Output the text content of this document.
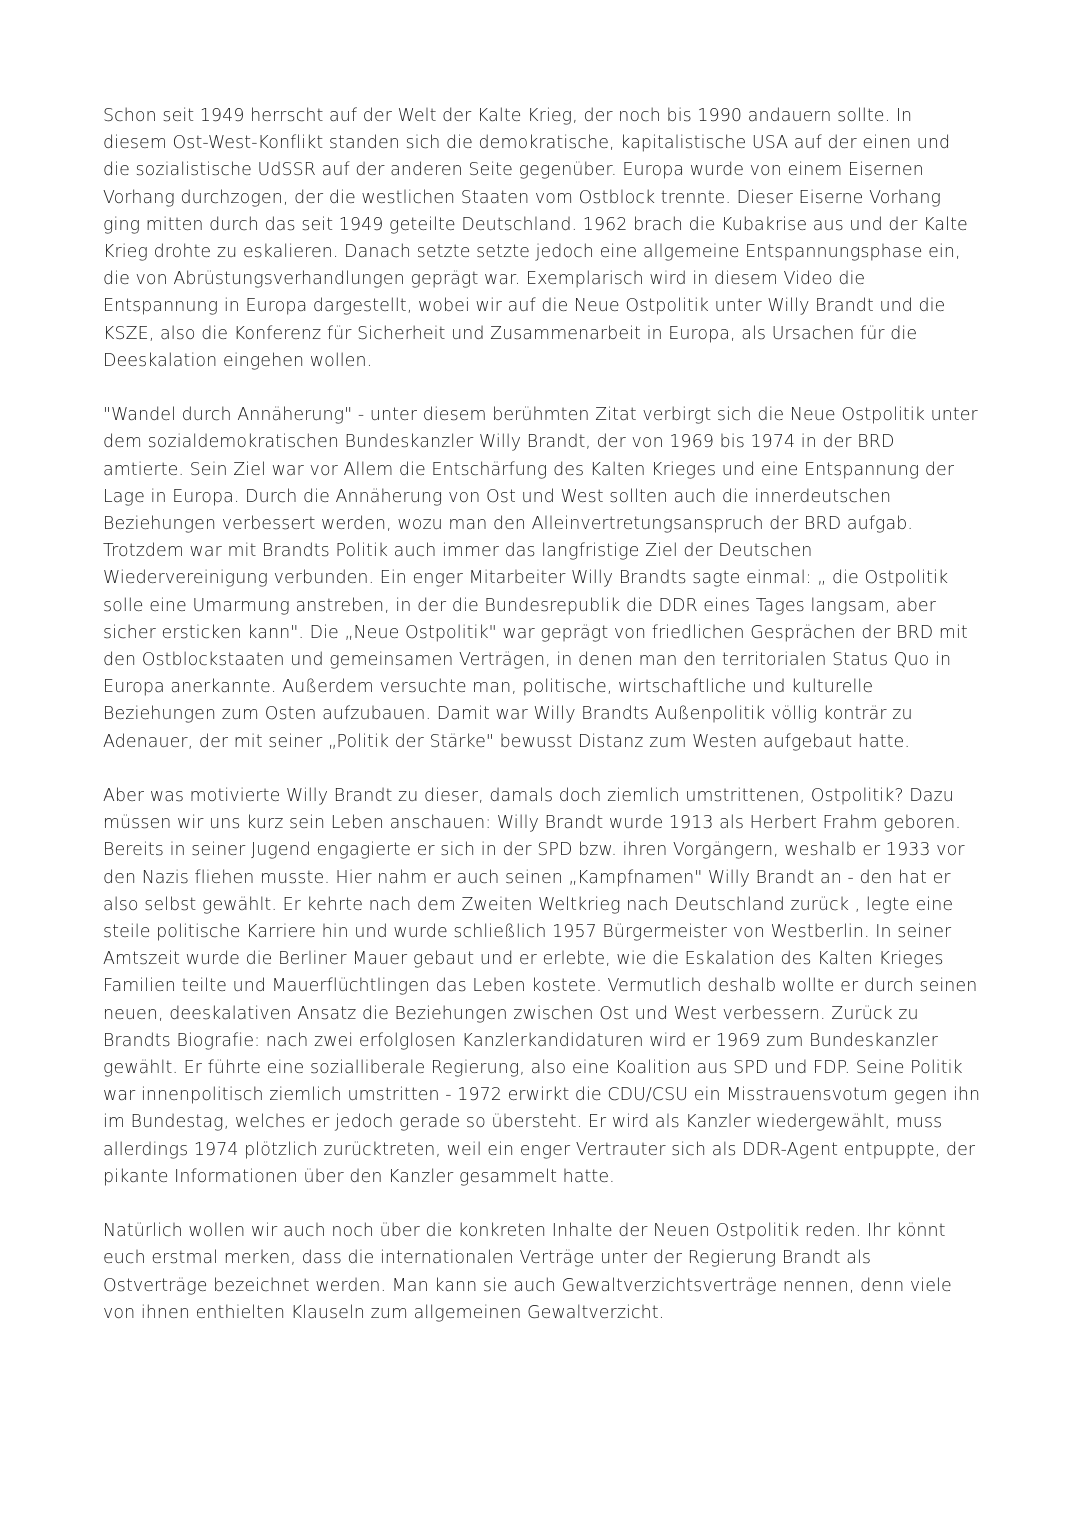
Schon seit 1949 herrscht auf der Welt der Kalte Krieg, der noch bis 1990 andauern sollte. In diesem Ost-West-Konflikt standen sich die demokratische, kapitalistische USA auf der einen und die sozialistische UdSSR auf der anderen Seite gegenüber. Europa wurde von einem Eisernen Vorhang durchzogen, der die westlichen Staaten vom Ostblock trennte. Dieser Eiserne Vorhang ging mitten durch das seit 1949 geteilte Deutschland. 1962 brach die Kubakrise aus und der Kalte Krieg drohte zu eskalieren. Danach setzte setzte jedoch eine allgemeine Entspannungsphase ein, die von Abrüstungsverhandlungen geprägt war. Exemplarisch wird in diesem Video die Entspannung in Europa dargestellt, wobei wir auf die Neue Ostpolitik unter Willy Brandt und die KSZE, also die Konferenz für Sicherheit und Zusammenarbeit in Europa, als Ursachen für die Deeskalation eingehen wollen.

"Wandel durch Annäherung" - unter diesem berühmten Zitat verbirgt sich die Neue Ostpolitik unter dem sozialdemokratischen Bundeskanzler Willy Brandt, der von 1969 bis 1974 in der BRD amtierte. Sein Ziel war vor Allem die Entschärfung des Kalten Krieges und eine Entspannung der Lage in Europa. Durch die Annäherung von Ost und West sollten auch die innerdeutschen Beziehungen verbessert werden, wozu man den Alleinvertretungsanspruch der BRD aufgab. Trotzdem war mit Brandts Politik auch immer das langfristige Ziel der Deutschen Wiedervereinigung verbunden. Ein enger Mitarbeiter Willy Brandts sagte einmal: „ die Ostpolitik solle eine Umarmung anstreben, in der die Bundesrepublik die DDR eines Tages langsam, aber sicher ersticken kann". Die „Neue Ostpolitik" war geprägt von friedlichen Gesprächen der BRD mit den Ostblockstaaten und gemeinsamen Verträgen, in denen man den territorialen Status Quo in Europa anerkannte. Außerdem versuchte man, politische, wirtschaftliche und kulturelle Beziehungen zum Osten aufzubauen. Damit war Willy Brandts Außenpolitik völlig konträr zu Adenauer, der mit seiner „Politik der Stärke" bewusst Distanz zum Westen aufgebaut hatte.

Aber was motivierte Willy Brandt zu dieser, damals doch ziemlich umstrittenen, Ostpolitik? Dazu müssen wir uns kurz sein Leben anschauen: Willy Brandt wurde 1913 als Herbert Frahm geboren. Bereits in seiner Jugend engagierte er sich in der SPD bzw. ihren Vorgängern, weshalb er 1933 vor den Nazis fliehen musste. Hier nahm er auch seinen „Kampfnamen" Willy Brandt an - den hat er also selbst gewählt. Er kehrte nach dem Zweiten Weltkrieg nach Deutschland zurück , legte eine steile politische Karriere hin und wurde schließlich 1957 Bürgermeister von Westberlin. In seiner Amtszeit wurde die Berliner Mauer gebaut und er erlebte, wie die Eskalation des Kalten Krieges Familien teilte und Mauerflüchtlingen das Leben kostete. Vermutlich deshalb wollte er durch seinen neuen, deeskalativen Ansatz die Beziehungen zwischen Ost und West verbessern. Zurück zu Brandts Biografie: nach zwei erfolglosen Kanzlerkandidaturen wird er 1969 zum Bundeskanzler gewählt. Er führte eine sozialliberale Regierung, also eine Koalition aus SPD und FDP. Seine Politik war innenpolitisch ziemlich umstritten - 1972 erwirkt die CDU/CSU ein Misstrauensvotum gegen ihn im Bundestag, welches er jedoch gerade so übersteht. Er wird als Kanzler wiedergewählt, muss allerdings 1974 plötzlich zurücktreten, weil ein enger Vertrauter sich als DDR-Agent entpuppte, der pikante Informationen über den Kanzler gesammelt hatte.

Natürlich wollen wir auch noch über die konkreten Inhalte der Neuen Ostpolitik reden. Ihr könnt euch erstmal merken, dass die internationalen Verträge unter der Regierung Brandt als Ostverträge bezeichnet werden. Man kann sie auch Gewaltverzichtsverträge nennen, denn viele von ihnen enthielten Klauseln zum allgemeinen Gewaltverzicht.
